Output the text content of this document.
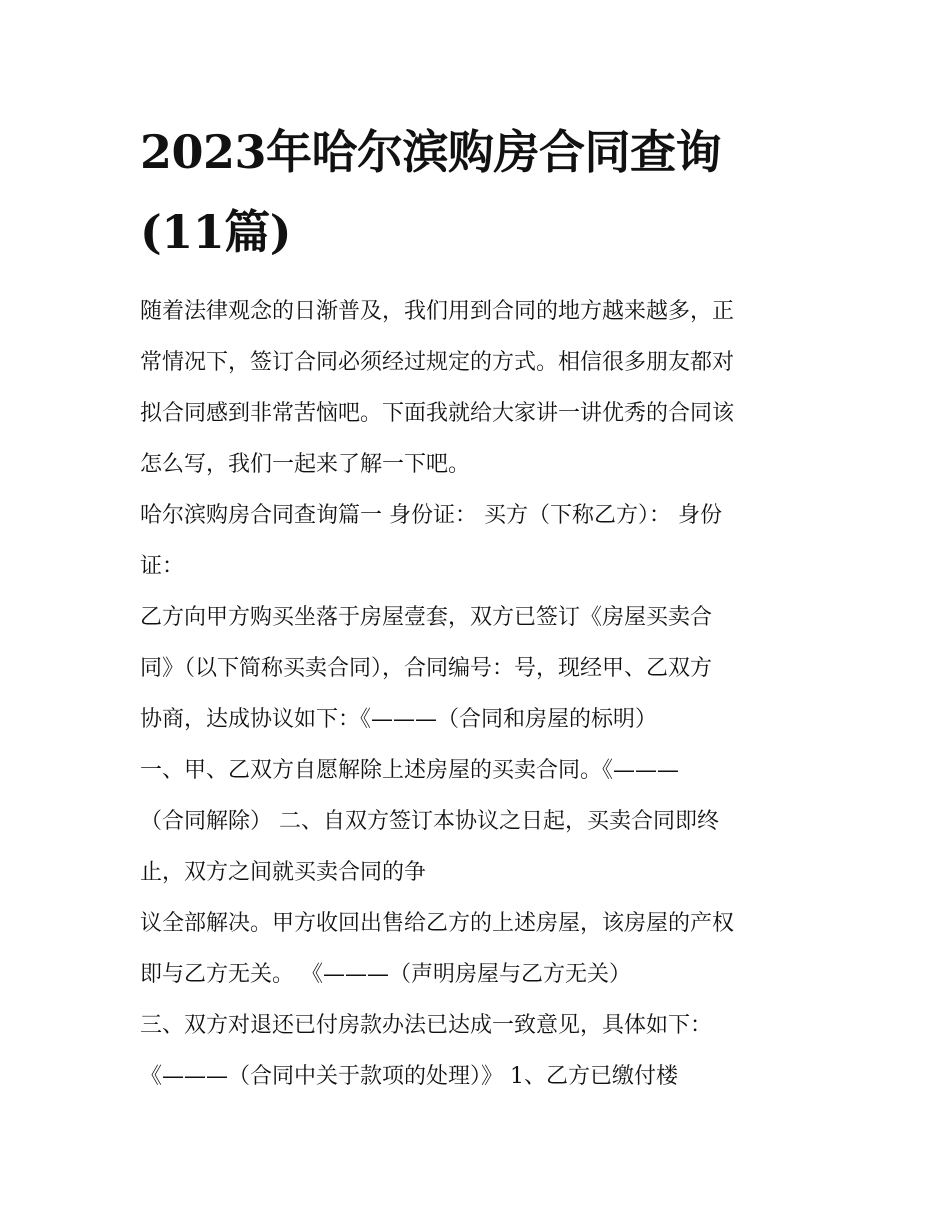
2023年哈尔滨购房合同查询
(11篇)
随着法律观念的日渐普及，我们用到合同的地方越来越多，正
常情况下，签订合同必须经过规定的方式。相信很多朋友都对
拟合同感到非常苦恼吧。下面我就给大家讲一讲优秀的合同该
怎么写，我们一起来了解一下吧。
哈尔滨购房合同查询篇一 身份证： 买方（下称乙方）： 身份
证：
乙方向甲方购买坐落于房屋壹套，双方已签订《房屋买卖合
同》（以下简称买卖合同），合同编号：号，现经甲、乙双方
协商，达成协议如下：《———（合同和房屋的标明）
一、甲、乙双方自愿解除上述房屋的买卖合同。《———
（合同解除） 二、自双方签订本协议之日起，买卖合同即终
止，双方之间就买卖合同的争
议全部解决。甲方收回出售给乙方的上述房屋，该房屋的产权
即与乙方无关。 《———（声明房屋与乙方无关）
三、双方对退还已付房款办法已达成一致意见，具体如下：
《———（合同中关于款项的处理）》 1、乙方已缴付楼
